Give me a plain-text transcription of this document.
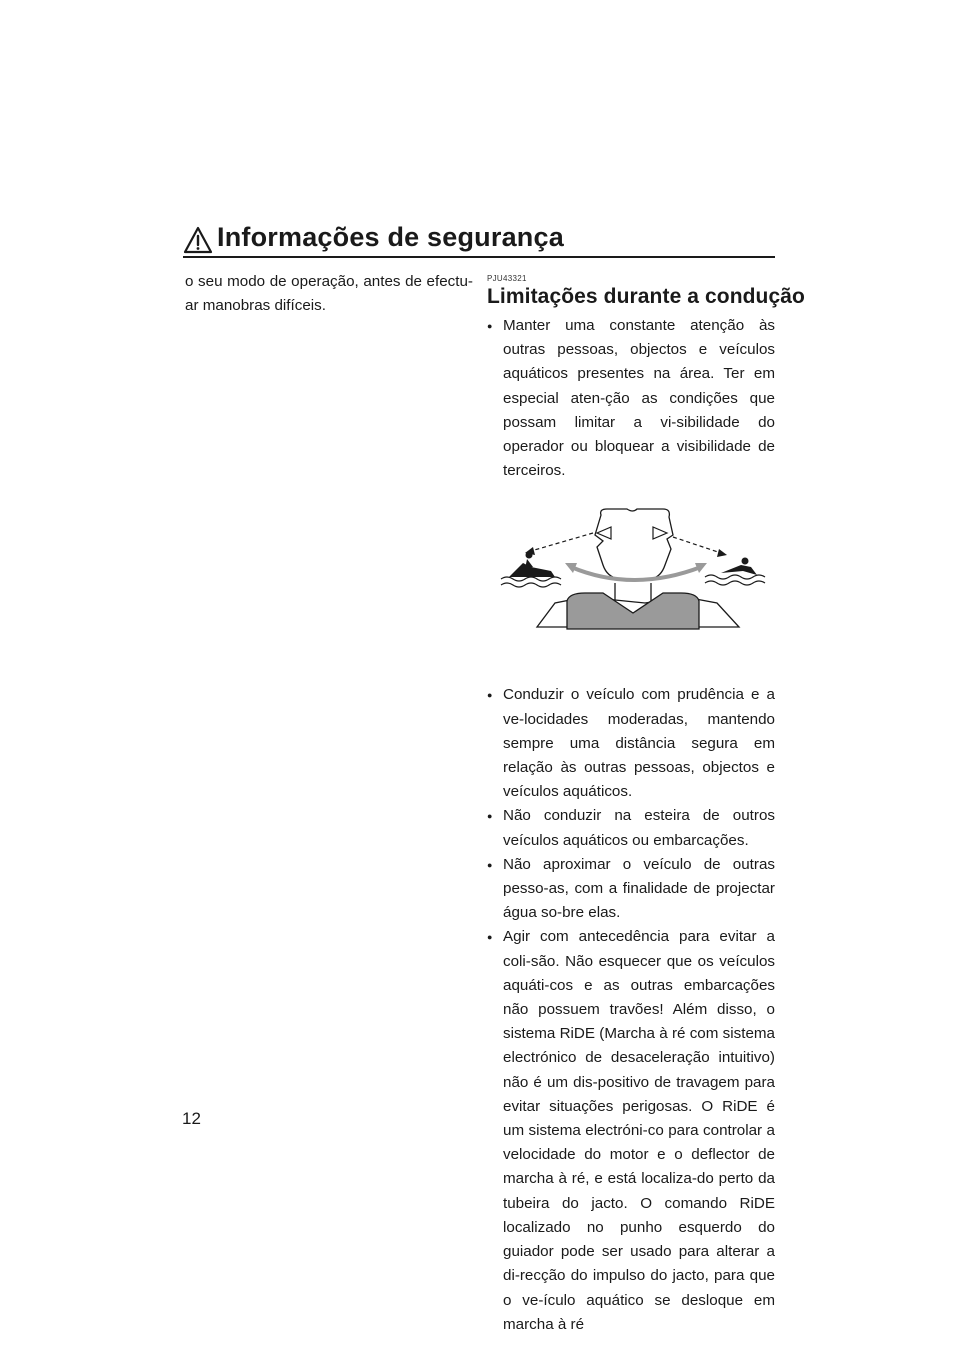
Informações de segurança
o seu modo de operação, antes de efectu-ar manobras difíceis.
PJU43321
Limitações durante a condução
● Manter uma constante atenção às outras pessoas, objectos e veículos aquáticos presentes na área. Ter em especial aten-ção as condições que possam limitar a vi-sibilidade do operador ou bloquear a visibilidade de terceiros.
● Conduzir o veículo com prudência e a ve-locidades moderadas, mantendo sempre uma distância segura em relação às outras pessoas, objectos e veículos aquáticos.
● Não conduzir na esteira de outros veículos aquáticos ou embarcações.
● Não aproximar o veículo de outras pesso-as, com a finalidade de projectar água so-bre elas.
● Agir com antecedência para evitar a coli-são. Não esquecer que os veículos aquáti-cos e as outras embarcações não possuem travões! Além disso, o sistema RiDE (Marcha à ré com sistema electrónico de desaceleração intuitivo) não é um dis-positivo de travagem para evitar situações perigosas. O RiDE é um sistema electróni-co para controlar a velocidade do motor e o deflector de marcha à ré, e está localiza-do perto da tubeira do jacto. O comando RiDE localizado no punho esquerdo do guiador pode ser usado para alterar a di-recção do impulso do jacto, para que o ve-ículo aquático se desloque em marcha à ré
12
